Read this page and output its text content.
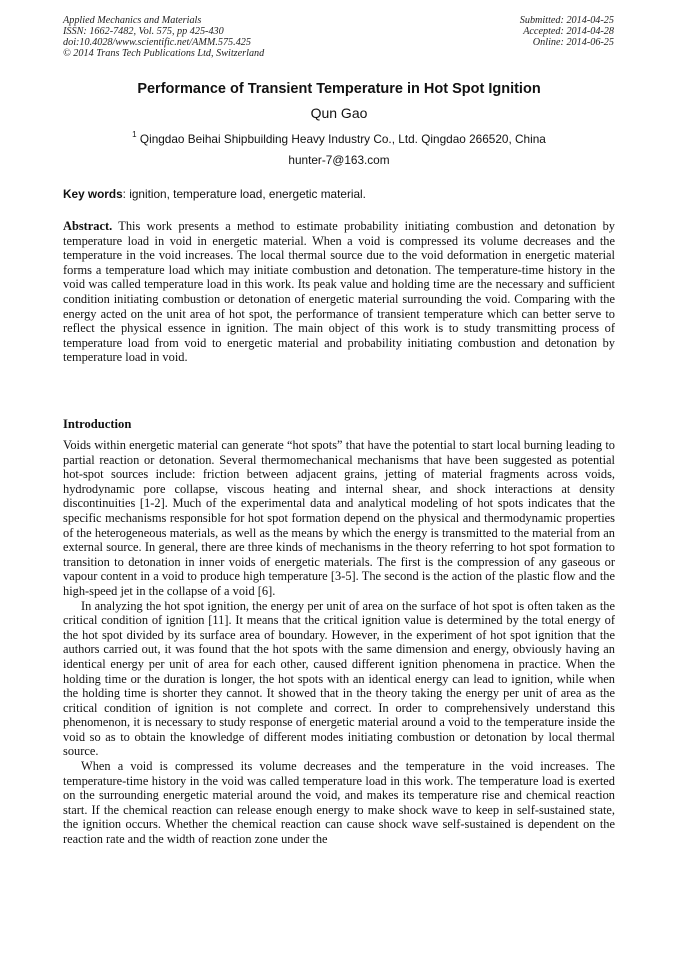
Applied Mechanics and Materials
ISSN: 1662-7482, Vol. 575, pp 425-430
doi:10.4028/www.scientific.net/AMM.575.425
© 2014 Trans Tech Publications Ltd, Switzerland
Submitted: 2014-04-25
Accepted: 2014-04-28
Online: 2014-06-25
Performance of Transient Temperature in Hot Spot Ignition
Qun Gao
$^1$ Qingdao Beihai Shipbuilding Heavy Industry Co., Ltd. Qingdao 266520, China
hunter-7@163.com
Key words: ignition, temperature load, energetic material.
Abstract. This work presents a method to estimate probability initiating combustion and detonation by temperature load in void in energetic material. When a void is compressed its volume decreases and the temperature in the void increases. The local thermal source due to the void deformation in energetic material forms a temperature load which may initiate combustion and detonation. The temperature-time history in the void was called temperature load in this work. Its peak value and holding time are the necessary and sufficient condition initiating combustion or detonation of energetic material surrounding the void. Comparing with the energy acted on the unit area of hot spot, the performance of transient temperature which can better serve to reflect the physical essence in ignition. The main object of this work is to study transmitting process of temperature load from void to energetic material and probability initiating combustion and detonation by temperature load in void.
Introduction

Voids within energetic material can generate “hot spots” that have the potential to start local burning leading to partial reaction or detonation. Several thermomechanical mechanisms that have been suggested as potential hot-spot sources include: friction between adjacent grains, jetting of material fragments across voids, hydrodynamic pore collapse, viscous heating and internal shear, and shock interactions at density discontinuities [1-2]. Much of the experimental data and analytical modeling of hot spots indicates that the specific mechanisms responsible for hot spot formation depend on the physical and thermodynamic properties of the heterogeneous materials, as well as the means by which the energy is transmitted to the material from an external source. In general, there are three kinds of mechanisms in the theory referring to hot spot formation to transition to detonation in inner voids of energetic materials. The first is the compression of any gaseous or vapour content in a void to produce high temperature [3-5]. The second is the action of the plastic flow and the high-speed jet in the collapse of a void [6].

In analyzing the hot spot ignition, the energy per unit of area on the surface of hot spot is often taken as the critical condition of ignition [11]. It means that the critical ignition value is determined by the total energy of the hot spot divided by its surface area of boundary. However, in the experiment of hot spot ignition that the authors carried out, it was found that the hot spots with the same dimension and energy, obviously having an identical energy per unit of area for each other, caused different ignition phenomena in practice. When the holding time or the duration is longer, the hot spots with an identical energy can lead to ignition, while when the holding time is shorter they cannot. It showed that in the theory taking the energy per unit of area as the critical condition of ignition is not complete and correct. In order to comprehensively understand this phenomenon, it is necessary to study response of energetic material around a void to the temperature inside the void so as to obtain the knowledge of different modes initiating combustion or detonation by local thermal source.

When a void is compressed its volume decreases and the temperature in the void increases. The temperature-time history in the void was called temperature load in this work. The temperature load is exerted on the surrounding energetic material around the void, and makes its temperature rise and chemical reaction start. If the chemical reaction can release enough energy to make shock wave to keep in self-sustained state, the ignition occurs. Whether the chemical reaction can cause shock wave self-sustained is dependent on the reaction rate and the width of reaction zone under the
